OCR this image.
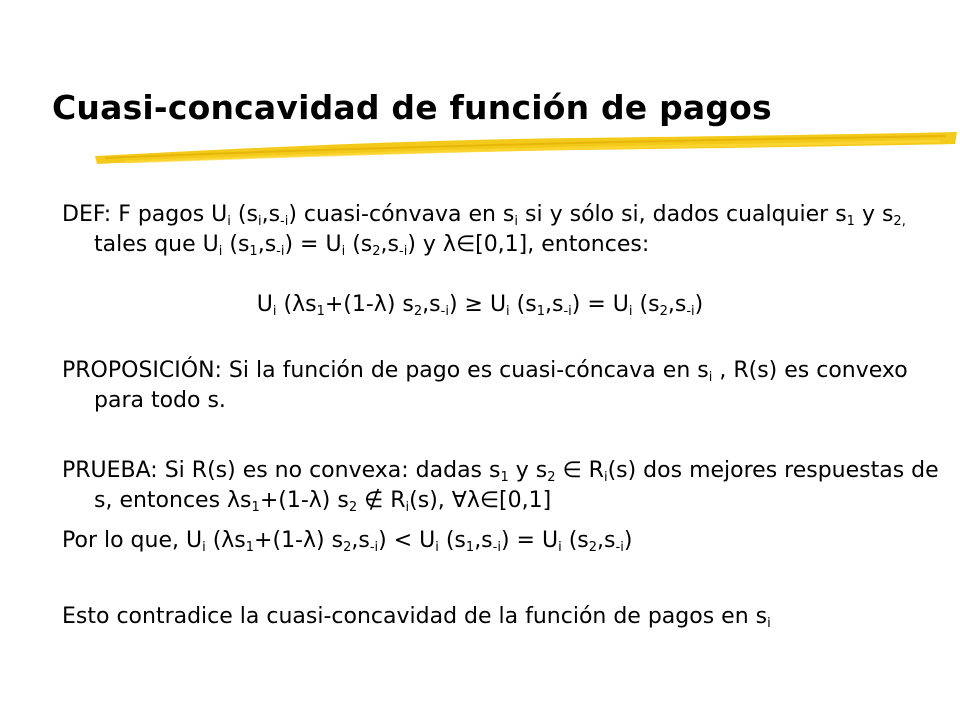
Cuasi-concavidad de función de pagos

DEF: F pagos $U_i$ $(s_i,s_{-i})$ cuasi-cónvava en $s_i$ si y sólo si, dados cualquier $s_1$ y $s_{2,}$ tales que $U_i$ $(s_1,s_{-i}) = U_i$ $(s_2,s_{-i})$ y λ∈[0,1], entonces:

$U_i$ $(\lambda s_1+(1-\lambda) s_2,s_{-i}) \ge U_i$ $(s_1,s_{-i}) = U_i$ $(s_2,s_{-i})$

PROPOSICIÓN: Si la función de pago es cuasi-cóncava en $s_i$ , R(s) es convexo para todo s.

PRUEBA: Si R(s) es no convexa: dadas $s_1$ y $s_2$ ∈ $R_i(s)$ dos mejores respuestas de s, entonces $\lambda s_1+(1-\lambda)$ $s_2$ ∉ $R_i(s)$, ∀λ∈[0,1]

Por lo que, $U_i$ $(\lambda s_1+(1-\lambda) s_2,s_{-i}) < U_i$ $(s_1,s_{-i}) = U_i$ $(s_2,s_{-i})$

Esto contradice la cuasi-concavidad de la función de pagos en $s_i$
